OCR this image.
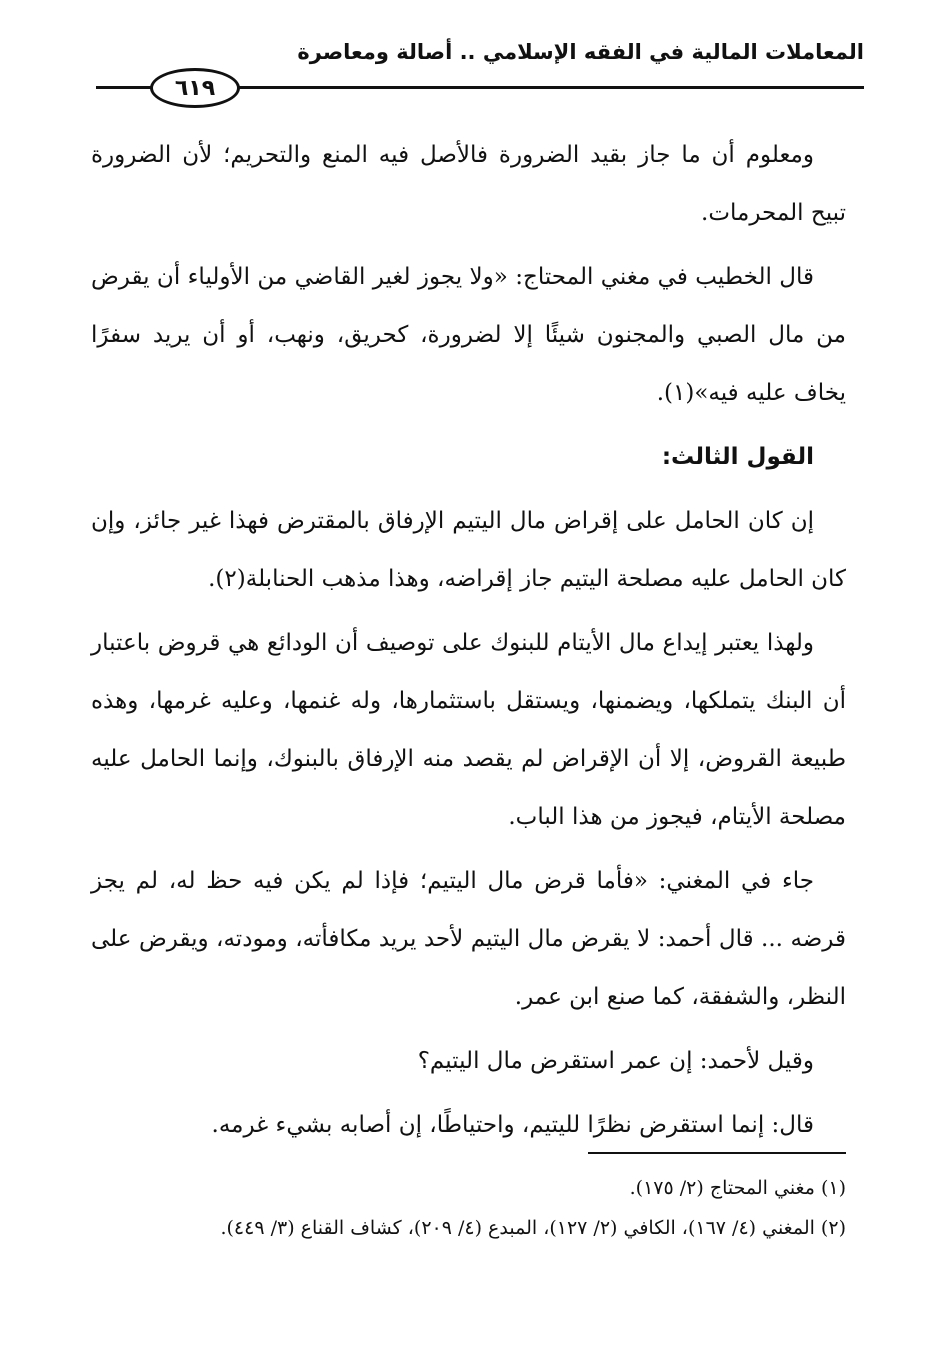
المعاملات المالية في الفقه الإسلامي .. أصالة ومعاصرة
٦١٩

ومعلوم أن ما جاز بقيد الضرورة فالأصل فيه المنع والتحريم؛ لأن الضرورة تبيح المحرمات.

قال الخطيب في مغني المحتاج: «ولا يجوز لغير القاضي من الأولياء أن يقرض من مال الصبي والمجنون شيئًا إلا لضرورة، كحريق، ونهب، أو أن يريد سفرًا يخاف عليه فيه»(١).

القول الثالث:

إن كان الحامل على إقراض مال اليتيم الإرفاق بالمقترض فهذا غير جائز، وإن كان الحامل عليه مصلحة اليتيم جاز إقراضه، وهذا مذهب الحنابلة(٢).

ولهذا يعتبر إيداع مال الأيتام للبنوك على توصيف أن الودائع هي قروض باعتبار أن البنك يتملكها، ويضمنها، ويستقل باستثمارها، وله غنمها، وعليه غرمها، وهذه طبيعة القروض، إلا أن الإقراض لم يقصد منه الإرفاق بالبنوك، وإنما الحامل عليه مصلحة الأيتام، فيجوز من هذا الباب.

جاء في المغني: «فأما قرض مال اليتيم؛ فإذا لم يكن فيه حظ له، لم يجز قرضه ... قال أحمد: لا يقرض مال اليتيم لأحد يريد مكافأته، ومودته، ويقرض على النظر، والشفقة، كما صنع ابن عمر.

وقيل لأحمد: إن عمر استقرض مال اليتيم؟

قال: إنما استقرض نظرًا لليتيم، واحتياطًا، إن أصابه بشيء غرمه.

(١) مغني المحتاج (٢/ ١٧٥).

(٢) المغني (٤/ ١٦٧)، الكافي (٢/ ١٢٧)، المبدع (٤/ ٢٠٩)، كشاف القناع (٣/ ٤٤٩).
